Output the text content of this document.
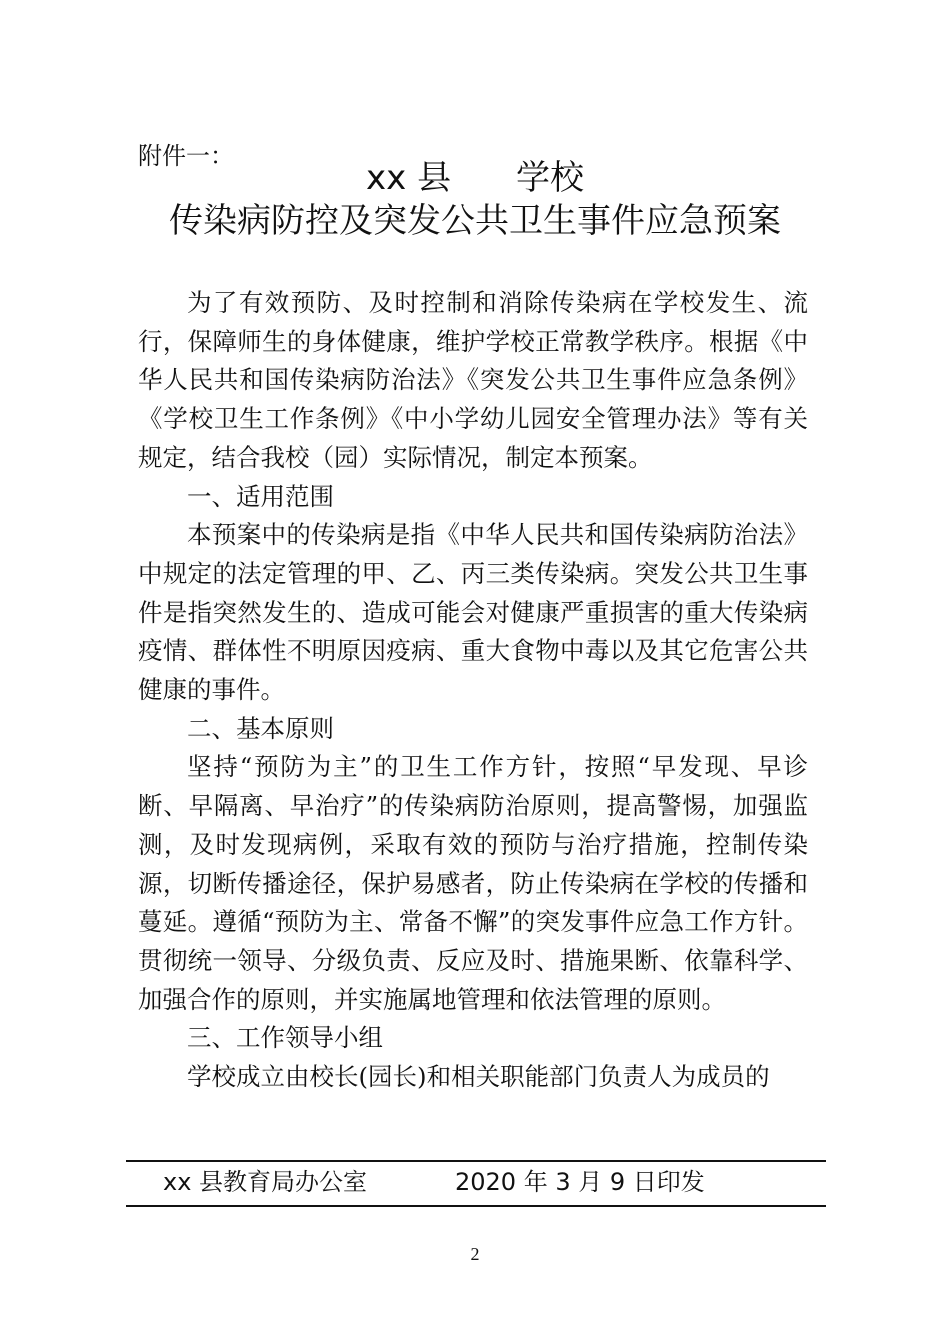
附件一：
xx 县      学校
传染病防控及突发公共卫生事件应急预案

为了有效预防、及时控制和消除传染病在学校发生、流行，保障师生的身体健康，维护学校正常教学秩序。根据《中华人民共和国传染病防治法》《突发公共卫生事件应急条例》《学校卫生工作条例》《中小学幼儿园安全管理办法》等有关规定，结合我校（园）实际情况，制定本预案。

一、适用范围

本预案中的传染病是指《中华人民共和国传染病防治法》中规定的法定管理的甲、乙、丙三类传染病。突发公共卫生事件是指突然发生的、造成可能会对健康严重损害的重大传染病疫情、群体性不明原因疫病、重大食物中毒以及其它危害公共健康的事件。

二、基本原则

坚持“预防为主”的卫生工作方针，按照“早发现、早诊断、早隔离、早治疗”的传染病防治原则，提高警惕，加强监测，及时发现病例，采取有效的预防与治疗措施，控制传染源，切断传播途径，保护易感者，防止传染病在学校的传播和蔓延。遵循“预防为主、常备不懈”的突发事件应急工作方针。贯彻统一领导、分级负责、反应及时、措施果断、依靠科学、加强合作的原则，并实施属地管理和依法管理的原则。

三、工作领导小组

学校成立由校长(园长)和相关职能部门负责人为成员的

xx 县教育局办公室	2020 年 3 月 9 日印发
2
